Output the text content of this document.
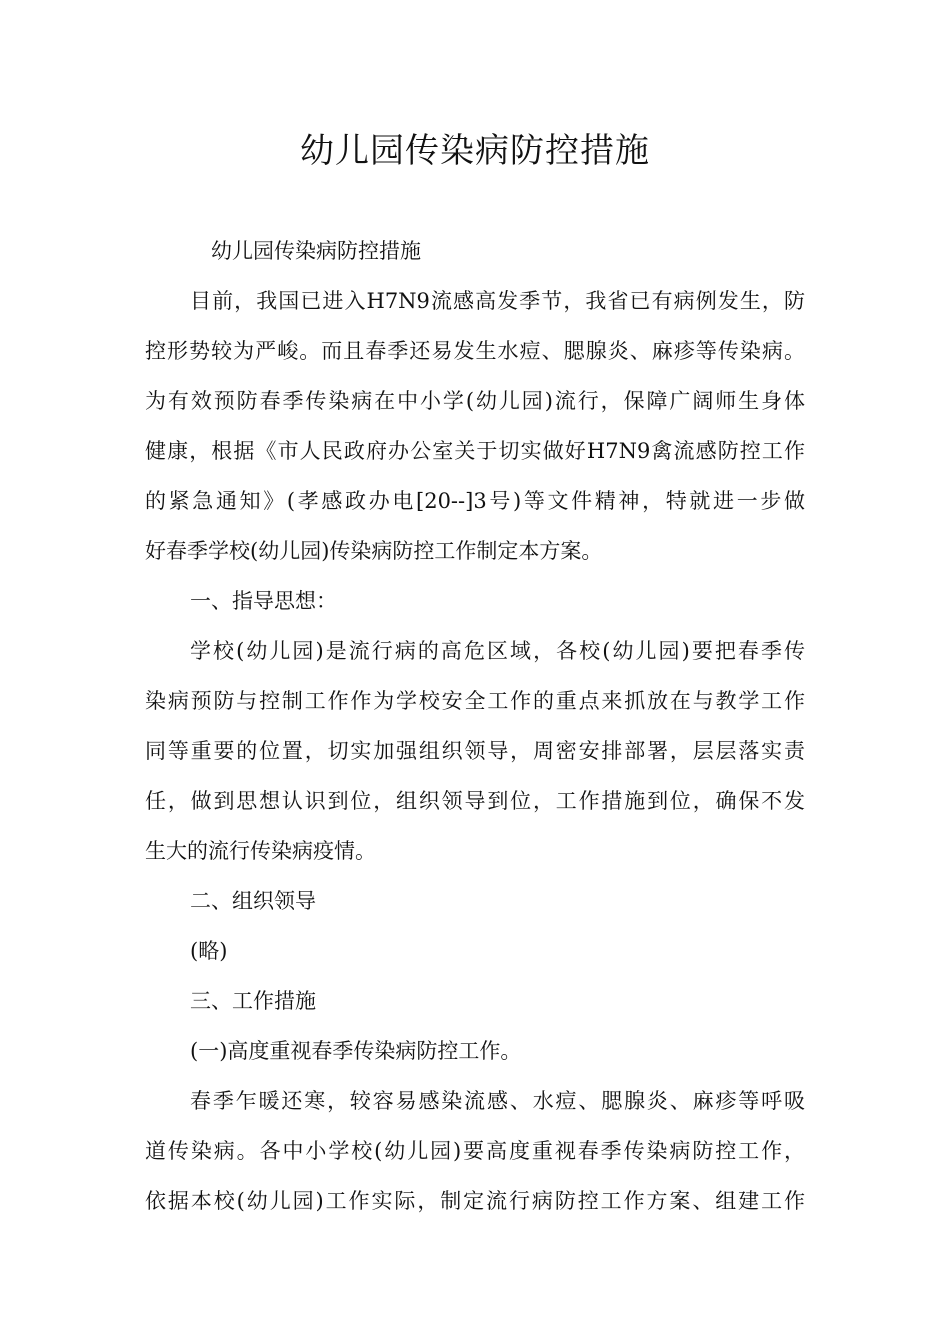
幼儿园传染病防控措施
幼儿园传染病防控措施
目前，我国已进入H7N9流感高发季节，我省已有病例发生，防
控形势较为严峻。而且春季还易发生水痘、腮腺炎、麻疹等传染病。
为有效预防春季传染病在中小学(幼儿园)流行，保障广阔师生身体
健康，根据《市人民政府办公室关于切实做好H7N9禽流感防控工作
的紧急通知》(孝感政办电[20--]3号)等文件精神，特就进一步做
好春季学校(幼儿园)传染病防控工作制定本方案。
一、指导思想：
学校(幼儿园)是流行病的高危区域，各校(幼儿园)要把春季传
染病预防与控制工作作为学校安全工作的重点来抓放在与教学工作
同等重要的位置，切实加强组织领导，周密安排部署，层层落实责
任，做到思想认识到位，组织领导到位，工作措施到位，确保不发
生大的流行传染病疫情。
二、组织领导
(略)
三、工作措施
(一)高度重视春季传染病防控工作。
春季乍暖还寒，较容易感染流感、水痘、腮腺炎、麻疹等呼吸
道传染病。各中小学校(幼儿园)要高度重视春季传染病防控工作，
依据本校(幼儿园)工作实际，制定流行病防控工作方案、组建工作
